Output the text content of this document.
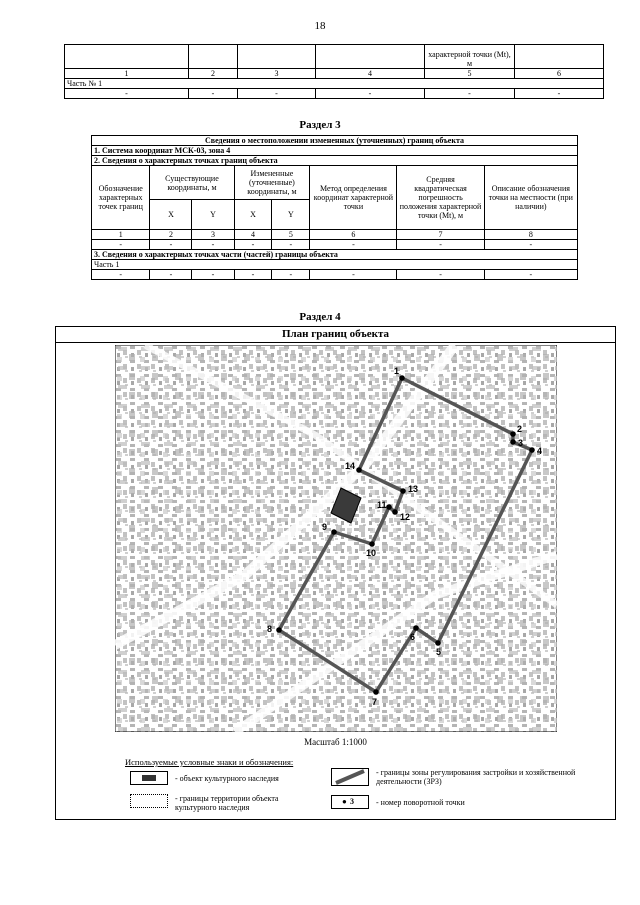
18
				характерной точки (Mt), м	
1	2	3	4	5	6
Часть № 1					
-	-	-	-	-	-
Раздел 3
Сведения о местоположении измененных (уточненных) границ объекта							
1. Система координат МСК-03, зона 4							
2. Сведения о характерных точках границ объекта							
Обозначение характерных точек границ	Существующие координаты, м		Измененные (уточненные) координаты, м		Метод определения координат характерной точки	Средняя квадратическая погрешность положения характерной точки (Mt), м	Описание обозначения точки на местности (при наличии)
	X	Y	X	Y			
1	2	3	4	5	6	7	8
-	-	-	-	-	-	-	-
3. Сведения о характерных точках части (частей) границы объекта							
Часть 1							
-	-	-	-	-	-	-	-
Раздел 4
План границ объекта
1
2
3
4
5
6
7
8
9
10
11
12
13
14
Масштаб 1:1000
Используемые условные знаки и обозначения:
- объект культурного наследия
- границы зоны регулирования застройки и хозяйственной деятельности (ЗРЗ)
- границы территории объекта культурного наследия
● 3	- номер поворотной точки
